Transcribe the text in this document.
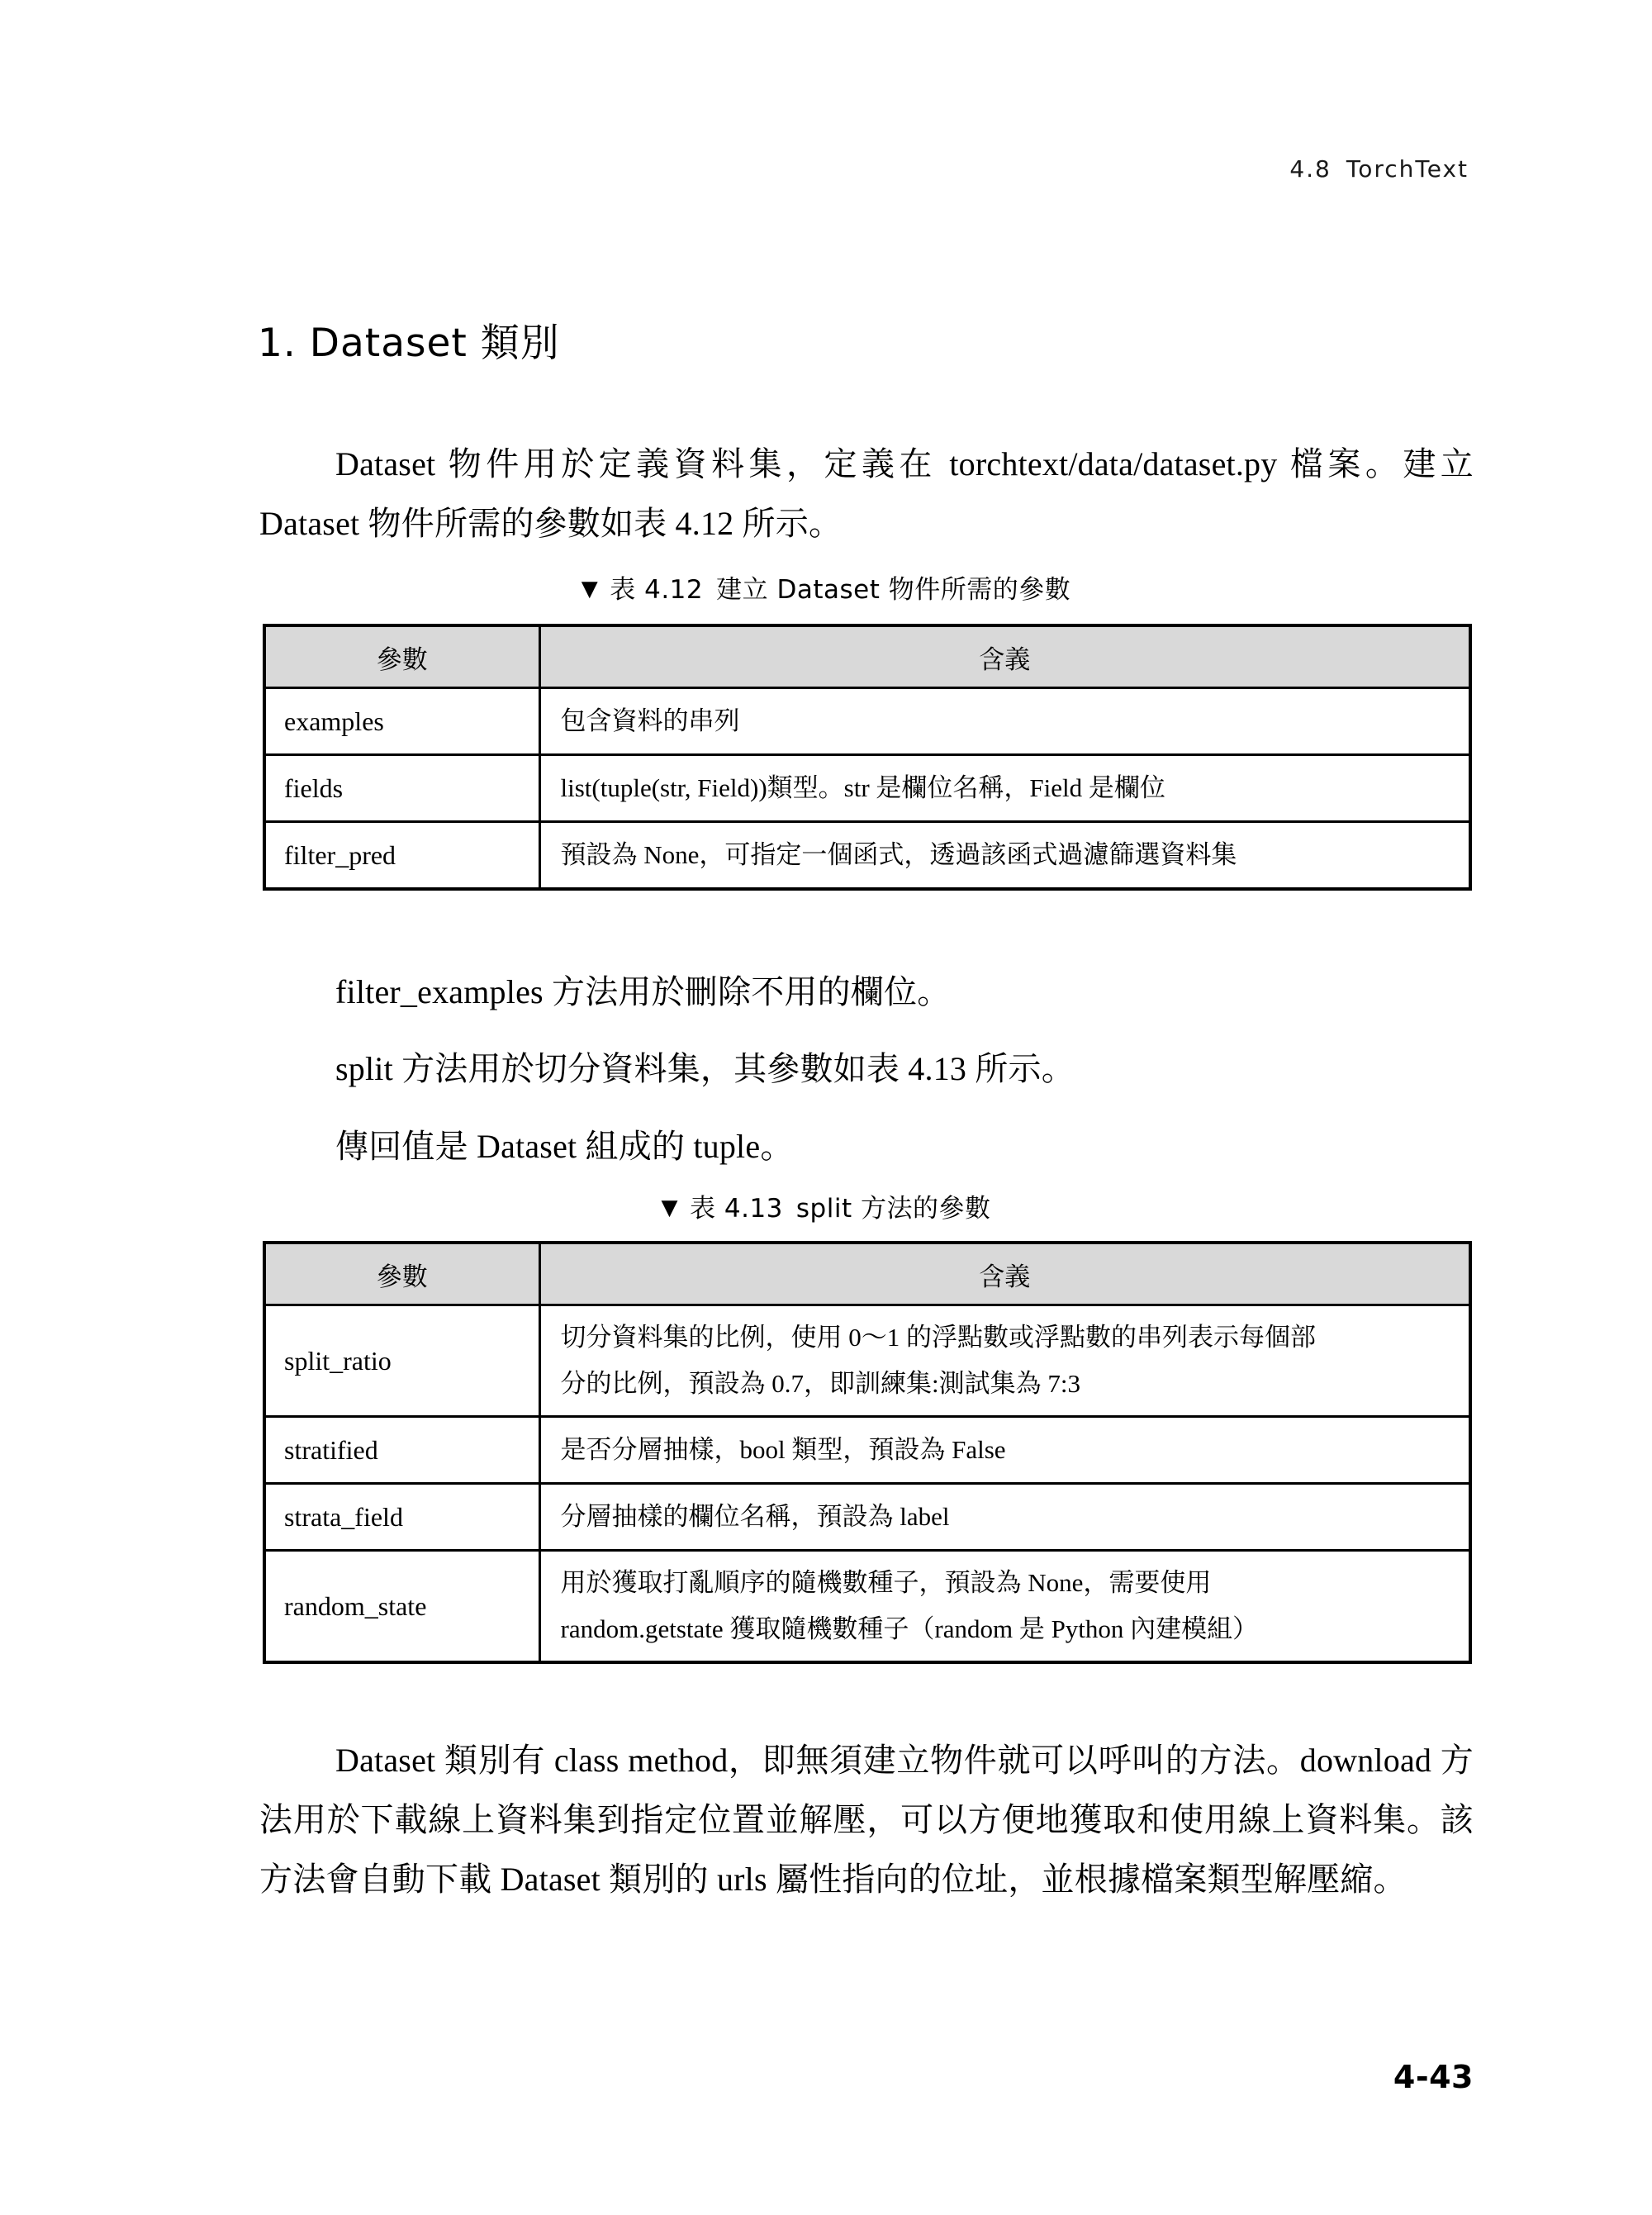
4.8 TorchText
1. Dataset 類別

Dataset 物件用於定義資料集，定義在 torchtext/data/dataset.py 檔案。建立 Dataset 物件所需的參數如表 4.12 所示。

▼ 表 4.12 建立 Dataset 物件所需的參數
參數	含義
examples	包含資料的串列

fields	list(tuple(str, Field))類型。str 是欄位名稱，Field 是欄位

filter_pred	預設為 None，可指定一個函式，透過該函式過濾篩選資料集

filter_examples 方法用於刪除不用的欄位。

split 方法用於切分資料集，其參數如表 4.13 所示。

傳回值是 Dataset 組成的 tuple。

▼ 表 4.13 split 方法的參數
參數	含義
split_ratio	切分資料集的比例，使用 0～1 的浮點數或浮點數的串列表示每個部
分的比例，預設為 0.7，即訓練集:測試集為 7:3

stratified	是否分層抽樣，bool 類型，預設為 False

strata_field	分層抽樣的欄位名稱，預設為 label

random_state	用於獲取打亂順序的隨機數種子，預設為 None，需要使用
random.getstate 獲取隨機數種子（random 是 Python 內建模組）

Dataset 類別有 class method，即無須建立物件就可以呼叫的方法。download 方法用於下載線上資料集到指定位置並解壓，可以方便地獲取和使用線上資料集。該方法會自動下載 Dataset 類別的 urls 屬性指向的位址，並根據檔案類型解壓縮。

4-43
